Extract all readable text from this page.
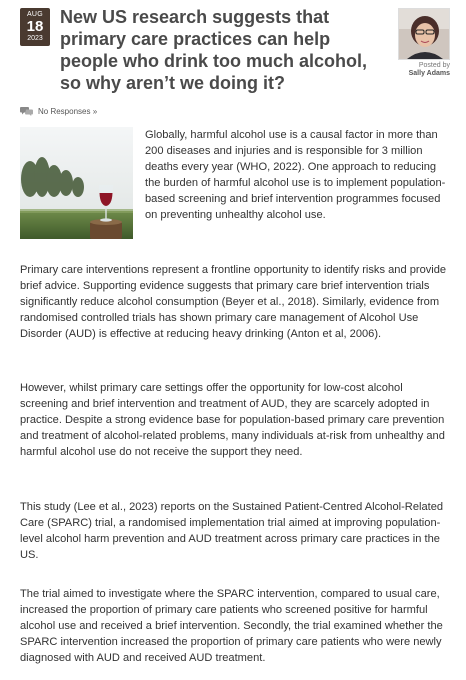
AUG
18
2023
New US research suggests that primary care practices can help people who drink too much alcohol, so why aren’t we doing it?
Posted by
Sally Adams
No Responses »

Globally, harmful alcohol use is a causal factor in more than 200 diseases and injuries and is responsible for 3 million deaths every year (WHO, 2022). One approach to reducing the burden of harmful alcohol use is to implement population-based screening and brief intervention programmes focused on preventing unhealthy alcohol use.

Primary care interventions represent a frontline opportunity to identify risks and provide brief advice. Supporting evidence suggests that primary care brief intervention trials significantly reduce alcohol consumption (Beyer et al., 2018). Similarly, evidence from randomised controlled trials has shown primary care management of Alcohol Use Disorder (AUD) is effective at reducing heavy drinking (Anton et al, 2006).

However, whilst primary care settings offer the opportunity for low-cost alcohol screening and brief intervention and treatment of AUD, they are scarcely adopted in practice. Despite a strong evidence base for population-based primary care prevention and treatment of alcohol-related problems, many individuals at-risk from unhealthy and harmful alcohol use do not receive the support they need.

This study (Lee et al., 2023) reports on the Sustained Patient-Centred Alcohol-Related Care (SPARC) trial, a randomised implementation trial aimed at improving population-level alcohol harm prevention and AUD treatment across primary care practices in the US.

The trial aimed to investigate where the SPARC intervention, compared to usual care, increased the proportion of primary care patients who screened positive for harmful alcohol use and received a brief intervention. Secondly, the trial examined whether the SPARC intervention increased the proportion of primary care patients who were newly diagnosed with AUD and received AUD treatment.
